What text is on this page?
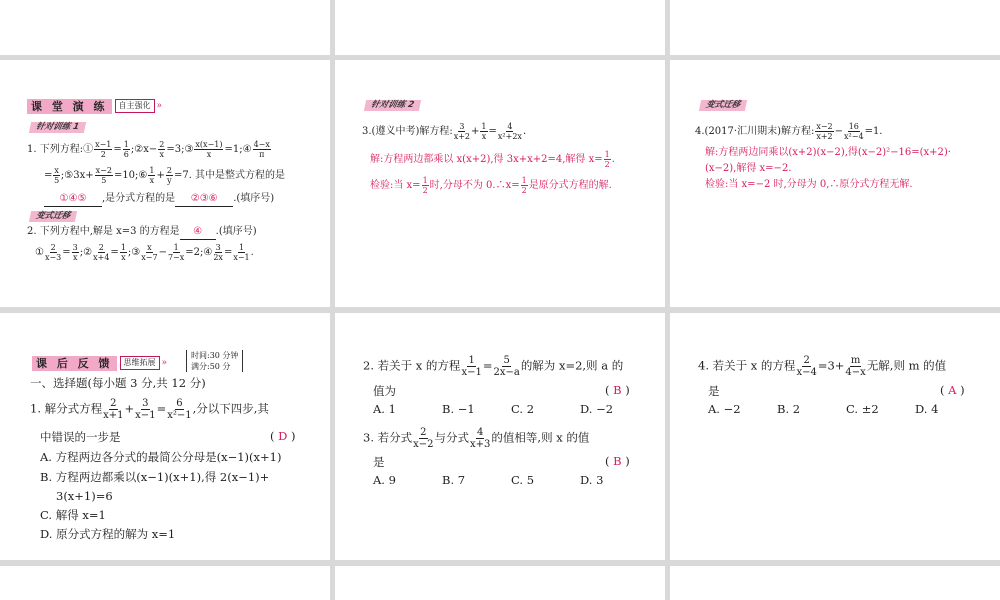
课 堂 演 练	自主强化 »
针对训练 1
1. 下列方程:① $\frac{x-1}{2} = \frac{1}{6}$ ;②x− $\frac{2}{x}$ =3;③ $\frac{x(x-1)}{x}$ =1;④ $\frac{4-x}{\pi}$
= $\frac{x}{5}$ ;⑤3x+ $\frac{x-2}{5}$ =10;⑥ $\frac{1}{x} + \frac{2}{y} =7$. 其中是整式方程的是
①④⑤ ,是分式方程的是 ②③⑥ .(填序号)
变式迁移
2. 下列方程中,解是 x=3 的方程是 ④ .(填序号)
① $\frac{2}{x-3} = \frac{3}{x}$ ;② $\frac{2}{x+4} = \frac{1}{x}$ ;③ $\frac{x}{x-7} - \frac{1}{7-x}$ =2;④ $\frac{3}{2x} = \frac{1}{x-1}$ .
针对训练 2
3.(遵义中考)解方程: $\frac{3}{x+2} + \frac{1}{x} = \frac{4}{\text{x²+2x}}$ .
解:方程两边都乘以 x(x+2),得 3x+x+2=4,解得 $x= \frac{1}{2}$ .
检验:当 $x= \frac{1}{2}$ 时,分母不为 0.∴x= $\frac{1}{2}$ 是原分式方程的解.
变式迁移
4.(2017·汇川期末)解方程: $\frac{x-2}{x+2} - \frac{16}{\text{x²−4}} =1$.
解:方程两边同乘以(x+2)(x−2),得(x−2)²−16=(x+2)·
(x−2),解得 x=−2.
检验:当 x=−2 时,分母为 0,∴原分式方程无解.
课 后 反 馈	思维拓展 »
时间:30 分钟
满分:50 分
一、选择题(每小题 3 分,共 12 分)
1. 解分式方程 $\frac{2}{x+1} + \frac{3}{x-1} = \frac{6}{\text{x²−1}}$ ,分以下四步,其
中错误的一步是	( D )
A. 方程两边各分式的最简公分母是(x−1)(x+1)
B. 方程两边都乘以(x−1)(x+1),得 2(x−1)+
3(x+1)=6
C. 解得 x=1
D. 原分式方程的解为 x=1
2. 若关于 x 的方程 $\frac{1}{x-1} = \frac{5}{2x-a}$ 的解为 x=2,则 a 的
值为	( B )
A. 1	B. −1	C. 2	D. −2
3. 若分式 $\frac{2}{x-2}$ 与分式 $\frac{4}{x+3}$ 的值相等,则 x 的值
是	( B )
A. 9	B. 7	C. 5	D. 3
4. 若关于 x 的方程 $\frac{2}{x-4} =3+ \frac{m}{4-x}$ 无解,则 m 的值
是	( A )
A. −2	B. 2	C. ±2	D. 4
